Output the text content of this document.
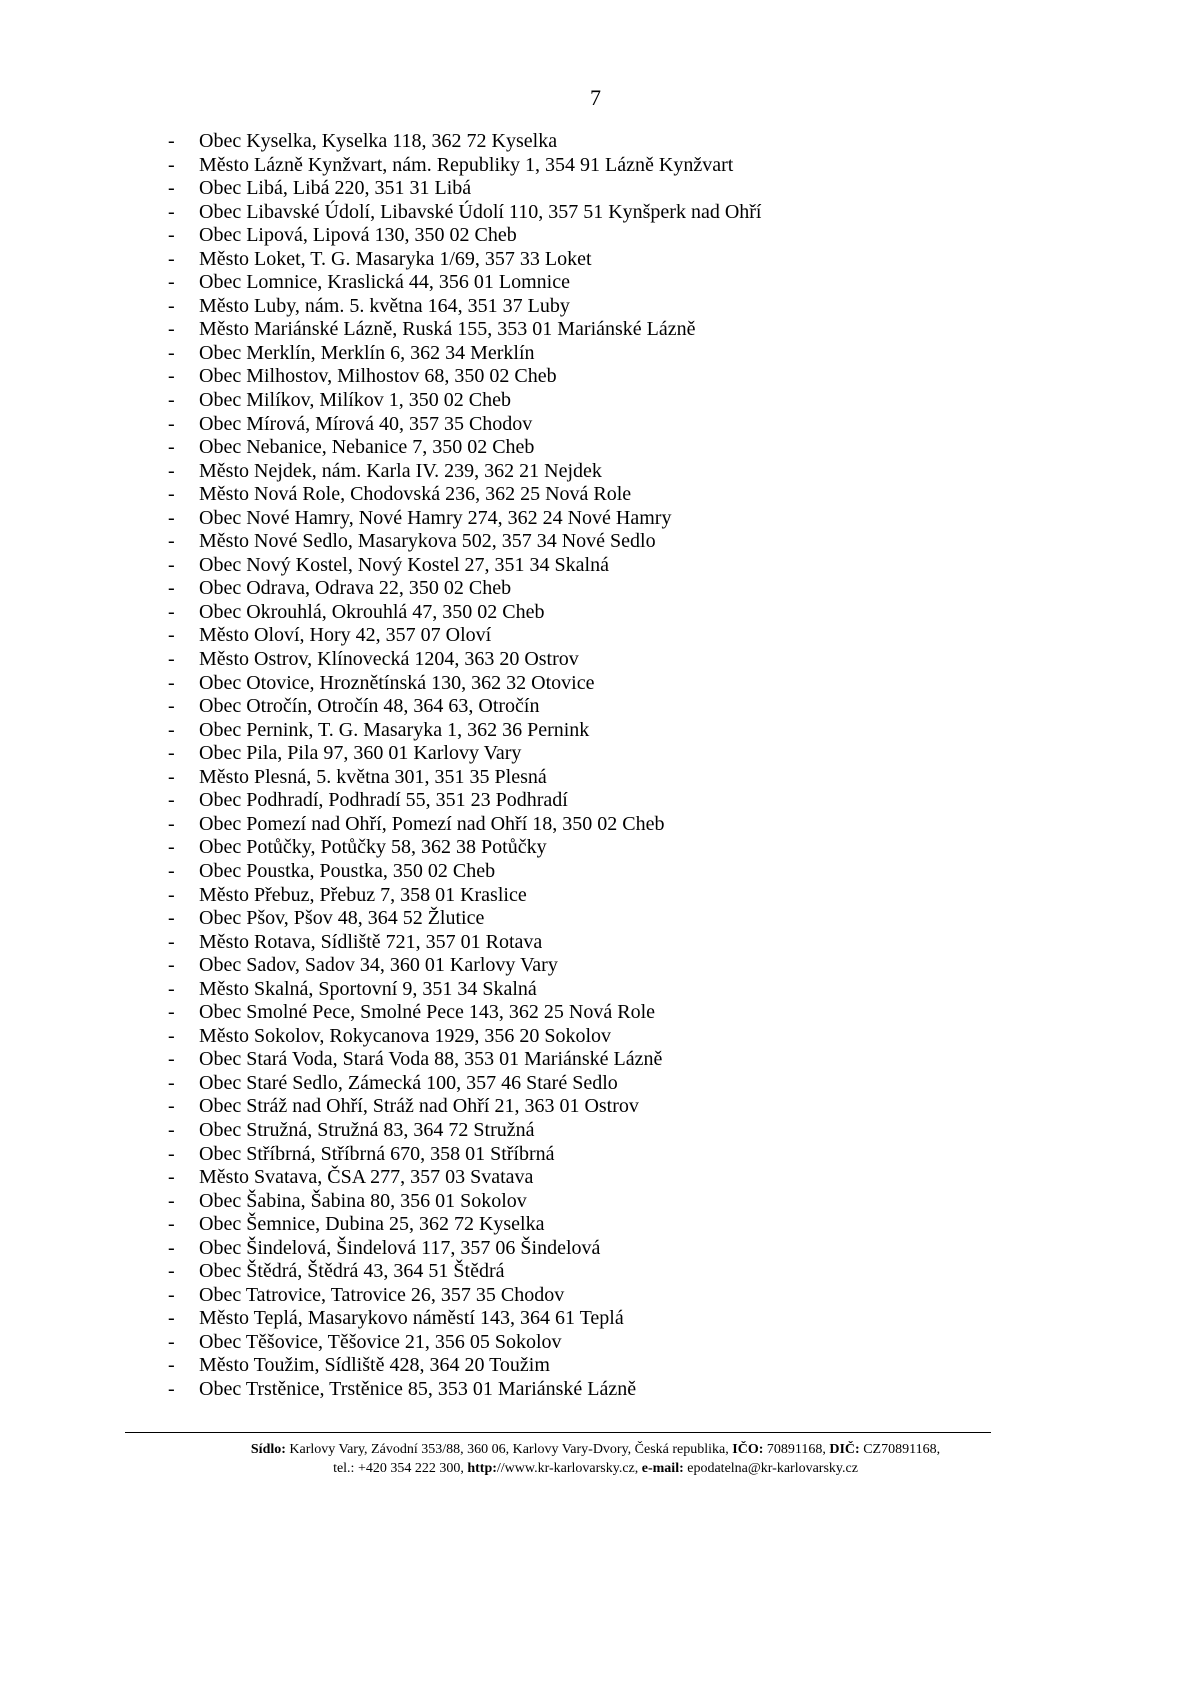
7
-	Obec Kyselka, Kyselka 118, 362 72 Kyselka
-	Město Lázně Kynžvart, nám. Republiky 1, 354 91 Lázně Kynžvart
-	Obec Libá, Libá 220, 351 31 Libá
-	Obec Libavské Údolí, Libavské Údolí 110, 357 51 Kynšperk nad Ohří
-	Obec Lipová, Lipová 130, 350 02 Cheb
-	Město Loket, T. G. Masaryka 1/69, 357 33 Loket
-	Obec Lomnice, Kraslická 44, 356 01 Lomnice
-	Město Luby, nám. 5. května 164, 351 37 Luby
-	Město Mariánské Lázně, Ruská 155, 353 01 Mariánské Lázně
-	Obec Merklín, Merklín 6, 362 34 Merklín
-	Obec Milhostov, Milhostov 68, 350 02 Cheb
-	Obec Milíkov, Milíkov 1, 350 02 Cheb
-	Obec Mírová, Mírová 40, 357 35 Chodov
-	Obec Nebanice, Nebanice 7, 350 02 Cheb
-	Město Nejdek, nám. Karla IV. 239, 362 21 Nejdek
-	Město Nová Role, Chodovská 236, 362 25 Nová Role
-	Obec Nové Hamry, Nové Hamry 274, 362 24 Nové Hamry
-	Město Nové Sedlo, Masarykova 502, 357 34 Nové Sedlo
-	Obec Nový Kostel, Nový Kostel 27, 351 34 Skalná
-	Obec Odrava, Odrava 22, 350 02 Cheb
-	Obec Okrouhlá, Okrouhlá 47, 350 02 Cheb
-	Město Oloví, Hory 42, 357 07 Oloví
-	Město Ostrov, Klínovecká 1204, 363 20 Ostrov
-	Obec Otovice, Hroznětínská 130, 362 32 Otovice
-	Obec Otročín, Otročín 48, 364 63, Otročín
-	Obec Pernink, T. G. Masaryka 1, 362 36 Pernink
-	Obec Pila, Pila 97, 360 01 Karlovy Vary
-	Město Plesná, 5. května 301, 351 35 Plesná
-	Obec Podhradí, Podhradí 55, 351 23 Podhradí
-	Obec Pomezí nad Ohří, Pomezí nad Ohří 18, 350 02 Cheb
-	Obec Potůčky, Potůčky 58, 362 38 Potůčky
-	Obec Poustka, Poustka, 350 02 Cheb
-	Město Přebuz, Přebuz 7, 358 01 Kraslice
-	Obec Pšov, Pšov 48, 364 52 Žlutice
-	Město Rotava, Sídliště 721, 357 01 Rotava
-	Obec Sadov, Sadov 34, 360 01 Karlovy Vary
-	Město Skalná, Sportovní 9, 351 34 Skalná
-	Obec Smolné Pece, Smolné Pece 143, 362 25 Nová Role
-	Město Sokolov, Rokycanova 1929, 356 20 Sokolov
-	Obec Stará Voda, Stará Voda 88, 353 01 Mariánské Lázně
-	Obec Staré Sedlo, Zámecká 100, 357 46 Staré Sedlo
-	Obec Stráž nad Ohří, Stráž nad Ohří 21, 363 01 Ostrov
-	Obec Stružná, Stružná 83, 364 72 Stružná
-	Obec Stříbrná, Stříbrná 670, 358 01 Stříbrná
-	Město Svatava, ČSA 277, 357 03 Svatava
-	Obec Šabina, Šabina 80, 356 01 Sokolov
-	Obec Šemnice, Dubina 25, 362 72 Kyselka
-	Obec Šindelová, Šindelová 117, 357 06 Šindelová
-	Obec Štědrá, Štědrá 43, 364 51 Štědrá
-	Obec Tatrovice, Tatrovice 26, 357 35 Chodov
-	Město Teplá, Masarykovo náměstí 143, 364 61 Teplá
-	Obec Těšovice, Těšovice 21, 356 05 Sokolov
-	Město Toužim, Sídliště 428, 364 20 Toužim
-	Obec Trstěnice, Trstěnice 85, 353 01 Mariánské Lázně
Sídlo: Karlovy Vary, Závodní 353/88, 360 06, Karlovy Vary-Dvory, Česká republika, IČO: 70891168, DIČ: CZ70891168,
tel.: +420 354 222 300, http://www.kr-karlovarsky.cz, e-mail: epodatelna@kr-karlovarsky.cz
